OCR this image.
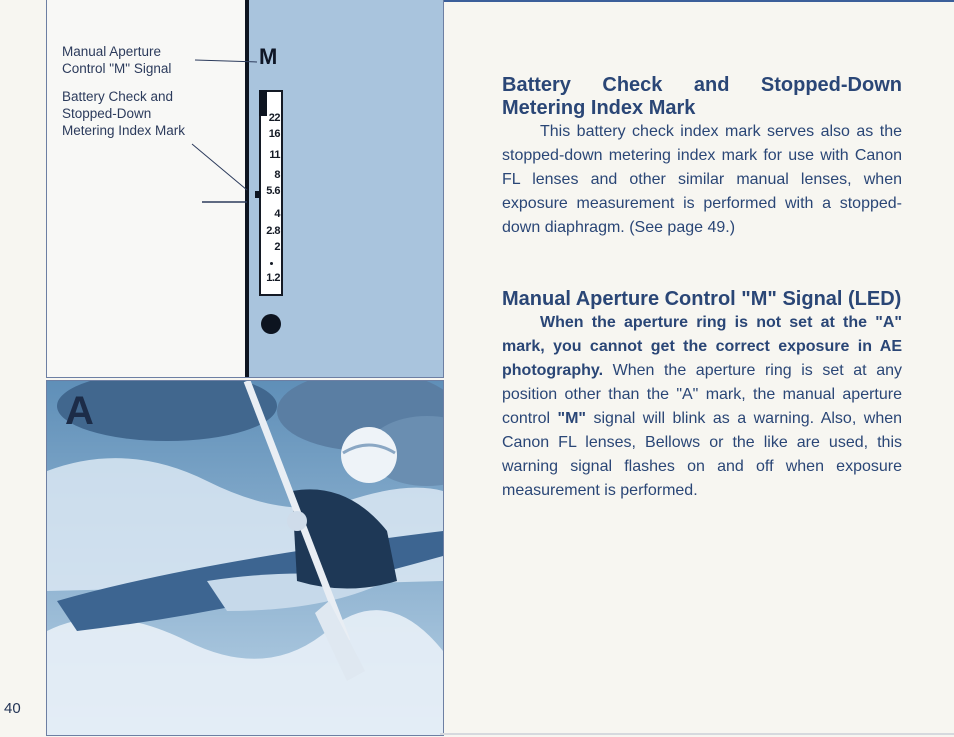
M
22
16
11
8
5.6
4
2.8
2
1.2
Manual Aperture
Control "M" Signal
Battery Check and
Stopped-Down
Metering Index Mark
A
40
Battery Check and Stopped-Down Metering Index Mark

This battery check index mark serves also as the stopped-down metering index mark for use with Canon FL lenses and other similar manual lenses, when exposure measurement is performed with a stopped-down diaphragm. (See page 49.)

Manual Aperture Control "M" Signal (LED)

When the aperture ring is not set at the "A" mark, you cannot get the correct exposure in AE photography. When the aperture ring is set at any position other than the "A" mark, the manual aperture control "M" signal will blink as a warning. Also, when Canon FL lenses, Bellows or the like are used, this warning signal flashes on and off when exposure measurement is performed.
